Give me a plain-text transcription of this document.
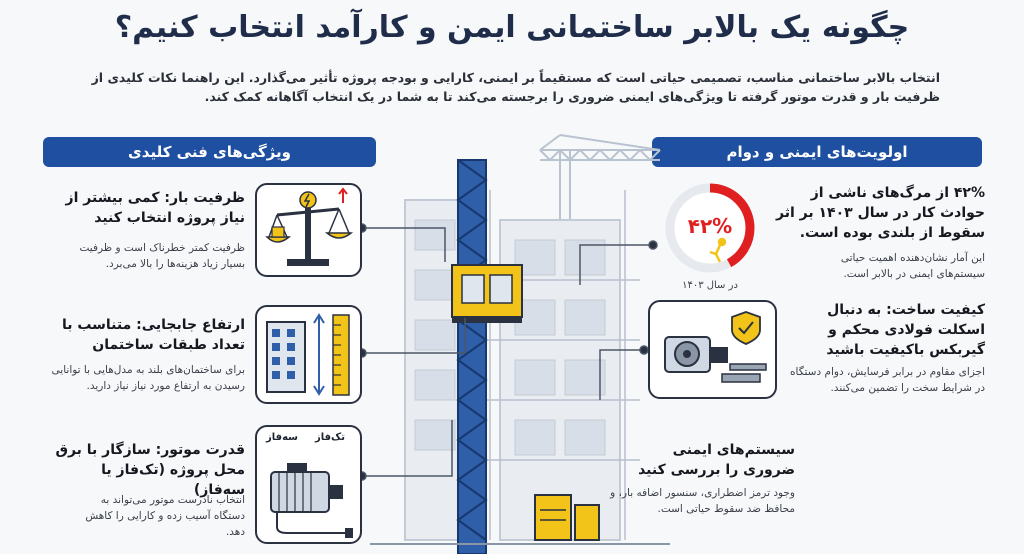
چگونه یک بالابر ساختمانی ایمن و کارآمد انتخاب کنیم؟
انتخاب بالابر ساختمانی مناسب، تصمیمی حیاتی است که مستقیماً بر ایمنی، کارایی و بودجه پروژه تأثیر می‌گذارد. این راهنما نکات کلیدی از ظرفیت بار و قدرت موتور گرفته تا ویژگی‌های ایمنی ضروری را برجسته می‌کند تا به شما در یک انتخاب آگاهانه کمک کند.
ویژگی‌های فنی کلیدی	اولویت‌های ایمنی و دوام
ظرفیت بار: کمی بیشتر از نیاز پروژه انتخاب کنید
ظرفیت کمتر خطرناک است و ظرفیت بسیار زیاد هزینه‌ها را بالا می‌برد.
ارتفاع جابجایی: متناسب با تعداد طبقات ساختمان
برای ساختمان‌های بلند به مدل‌هایی با توانایی رسیدن به ارتفاع مورد نیاز نیاز دارید.
سه‌فاز	تک‌فاز
قدرت موتور: سازگار با برق محل پروژه (تک‌فاز یا سه‌فاز)
انتخاب نادرست موتور می‌تواند به دستگاه آسیب زده و کارایی را کاهش دهد.
۴۲%
در سال ۱۴۰۳
۴۲% از مرگ‌های ناشی از حوادث کار در سال ۱۴۰۳ بر اثر سقوط از بلندی بوده است.
این آمار نشان‌دهنده اهمیت حیاتی سیستم‌های ایمنی در بالابر است.
کیفیت ساخت: به دنبال اسکلت فولادی محکم و گیربکس باکیفیت باشید
اجزای مقاوم در برابر فرسایش، دوام دستگاه در شرایط سخت را تضمین می‌کنند.
سیستم‌های ایمنی ضروری را بررسی کنید
وجود ترمز اضطراری، سنسور اضافه بار، و محافظ ضد سقوط حیاتی است.
